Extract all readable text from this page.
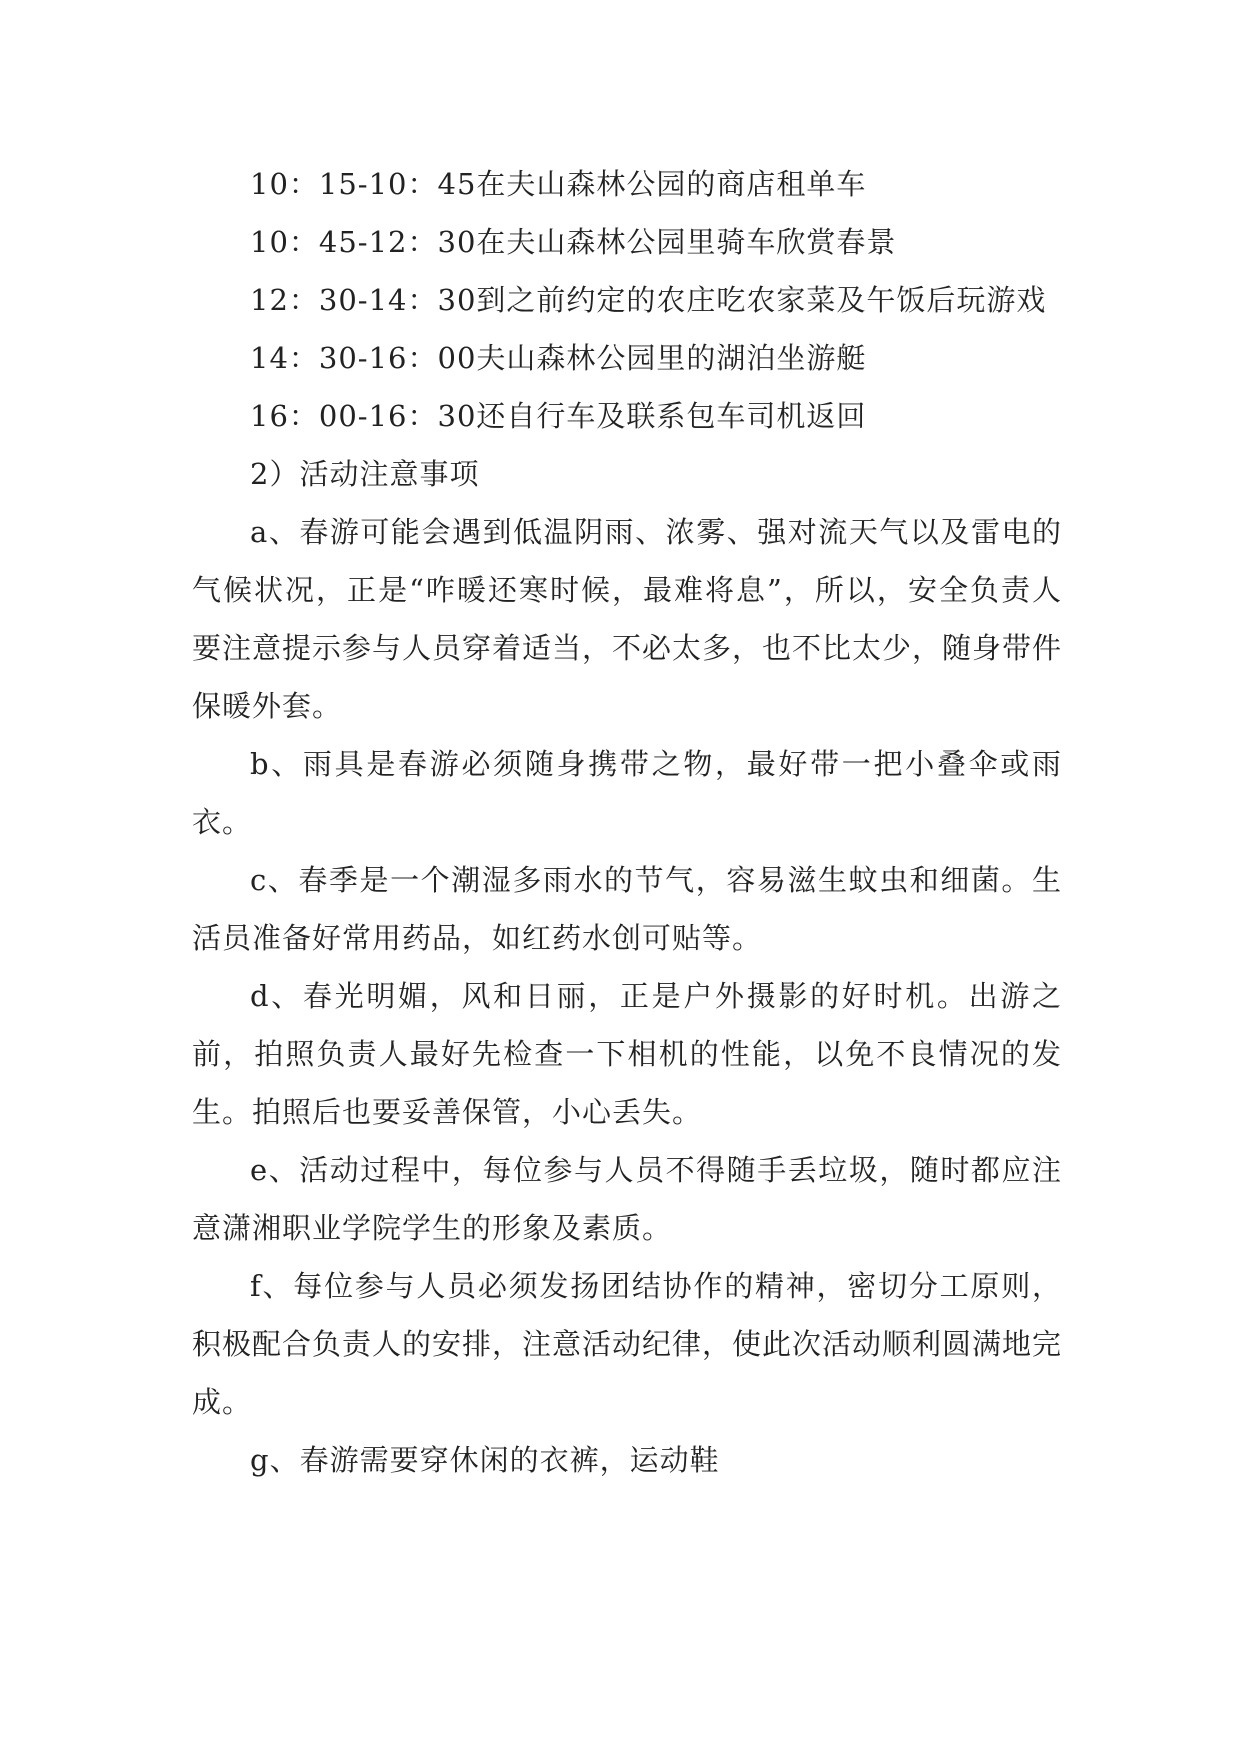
10：15-10：45在夫山森林公园的商店租单车

10：45-12：30在夫山森林公园里骑车欣赏春景

12：30-14：30到之前约定的农庄吃农家菜及午饭后玩游戏

14：30-16：00夫山森林公园里的湖泊坐游艇

16：00-16：30还自行车及联系包车司机返回

2）活动注意事项

a、春游可能会遇到低温阴雨、浓雾、强对流天气以及雷电的气候状况，正是“咋暖还寒时候，最难将息”，所以，安全负责人要注意提示参与人员穿着适当，不必太多，也不比太少，随身带件保暖外套。

b、雨具是春游必须随身携带之物，最好带一把小叠伞或雨衣。

c、春季是一个潮湿多雨水的节气，容易滋生蚊虫和细菌。生活员准备好常用药品，如红药水创可贴等。

d、春光明媚，风和日丽，正是户外摄影的好时机。出游之前，拍照负责人最好先检查一下相机的性能，以免不良情况的发生。拍照后也要妥善保管，小心丢失。

e、活动过程中，每位参与人员不得随手丢垃圾，随时都应注意潇湘职业学院学生的形象及素质。

f、每位参与人员必须发扬团结协作的精神，密切分工原则，积极配合负责人的安排，注意活动纪律，使此次活动顺利圆满地完成。

g、春游需要穿休闲的衣裤，运动鞋
